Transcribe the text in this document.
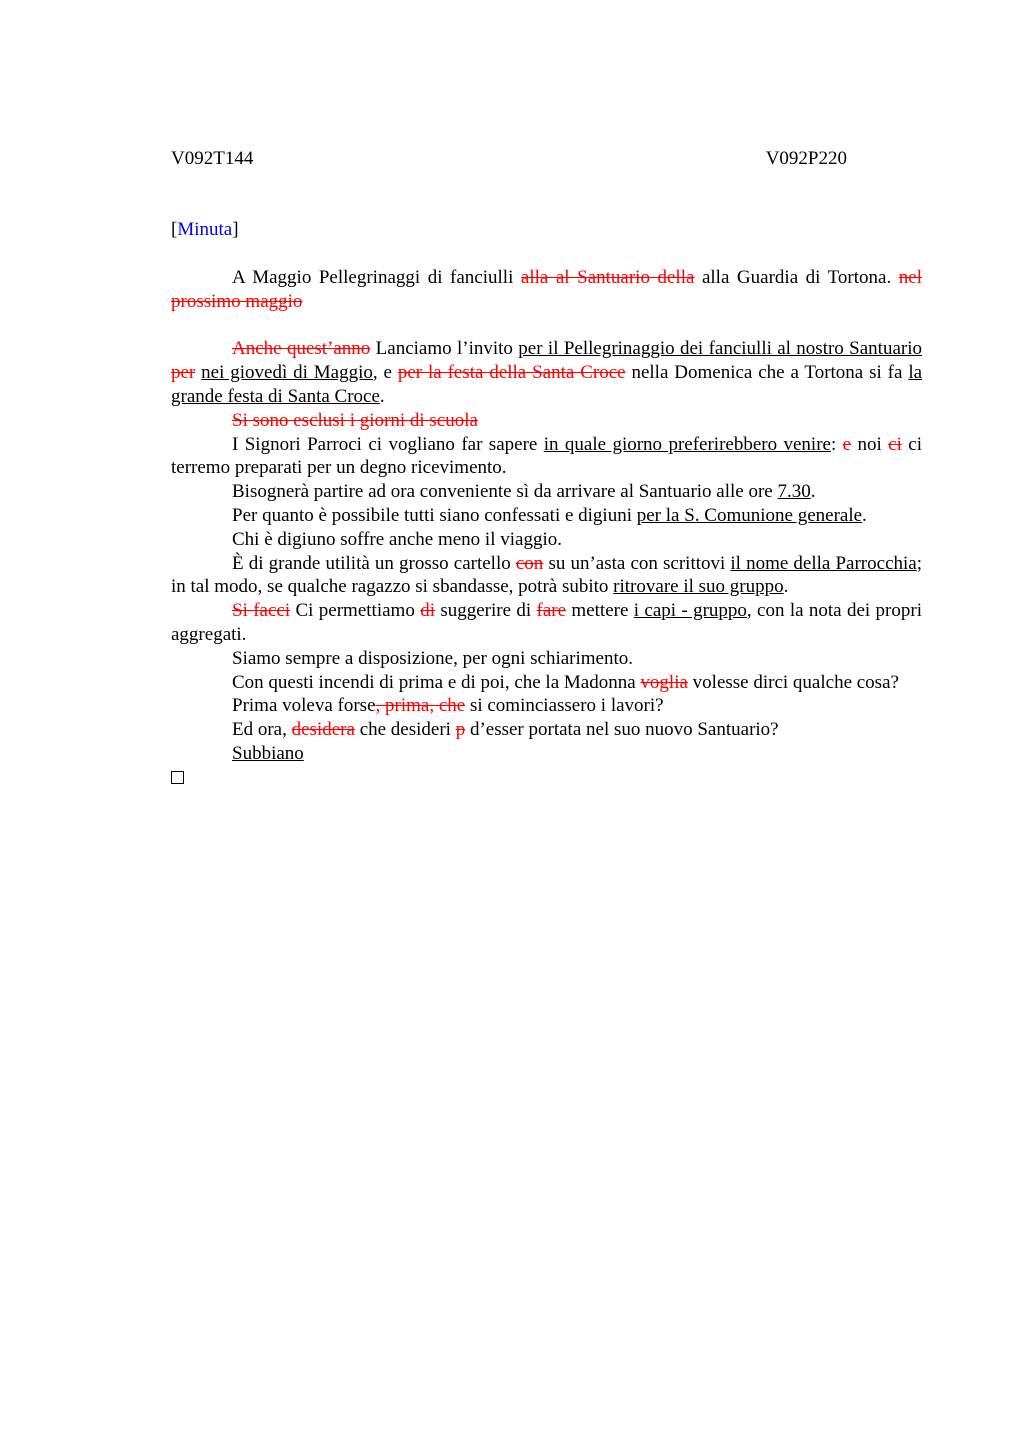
V092T144	V092P220
[Minuta]

A Maggio Pellegrinaggi di fanciulli alla al Santuario della alla Guardia di Tortona. nel prossimo maggio

Anche quest’anno Lanciamo l’invito per il Pellegrinaggio dei fanciulli al nostro Santuario per nei giovedì di Maggio, e per la festa della Santa Croce nella Domenica che a Tortona si fa la grande festa di Santa Croce.

Si sono esclusi i giorni di scuola

I Signori Parroci ci vogliano far sapere in quale giorno preferirebbero venire: e noi ci ci terremo preparati per un degno ricevimento.

Bisognerà partire ad ora conveniente sì da arrivare al Santuario alle ore 7.30.

Per quanto è possibile tutti siano confessati e digiuni per la S. Comunione generale.

Chi è digiuno soffre anche meno il viaggio.

È di grande utilità un grosso cartello con su un’asta con scrittovi il nome della Parrocchia; in tal modo, se qualche ragazzo si sbandasse, potrà subito ritrovare il suo gruppo.

Si facci Ci permettiamo di suggerire di fare mettere i capi - gruppo, con la nota dei propri aggregati.

Siamo sempre a disposizione, per ogni schiarimento.

Con questi incendi di prima e di poi, che la Madonna voglia volesse dirci qualche cosa?

Prima voleva forse, prima, che si cominciassero i lavori?

Ed ora, desidera che desideri p d’esser portata nel suo nuovo Santuario?

Subbiano
